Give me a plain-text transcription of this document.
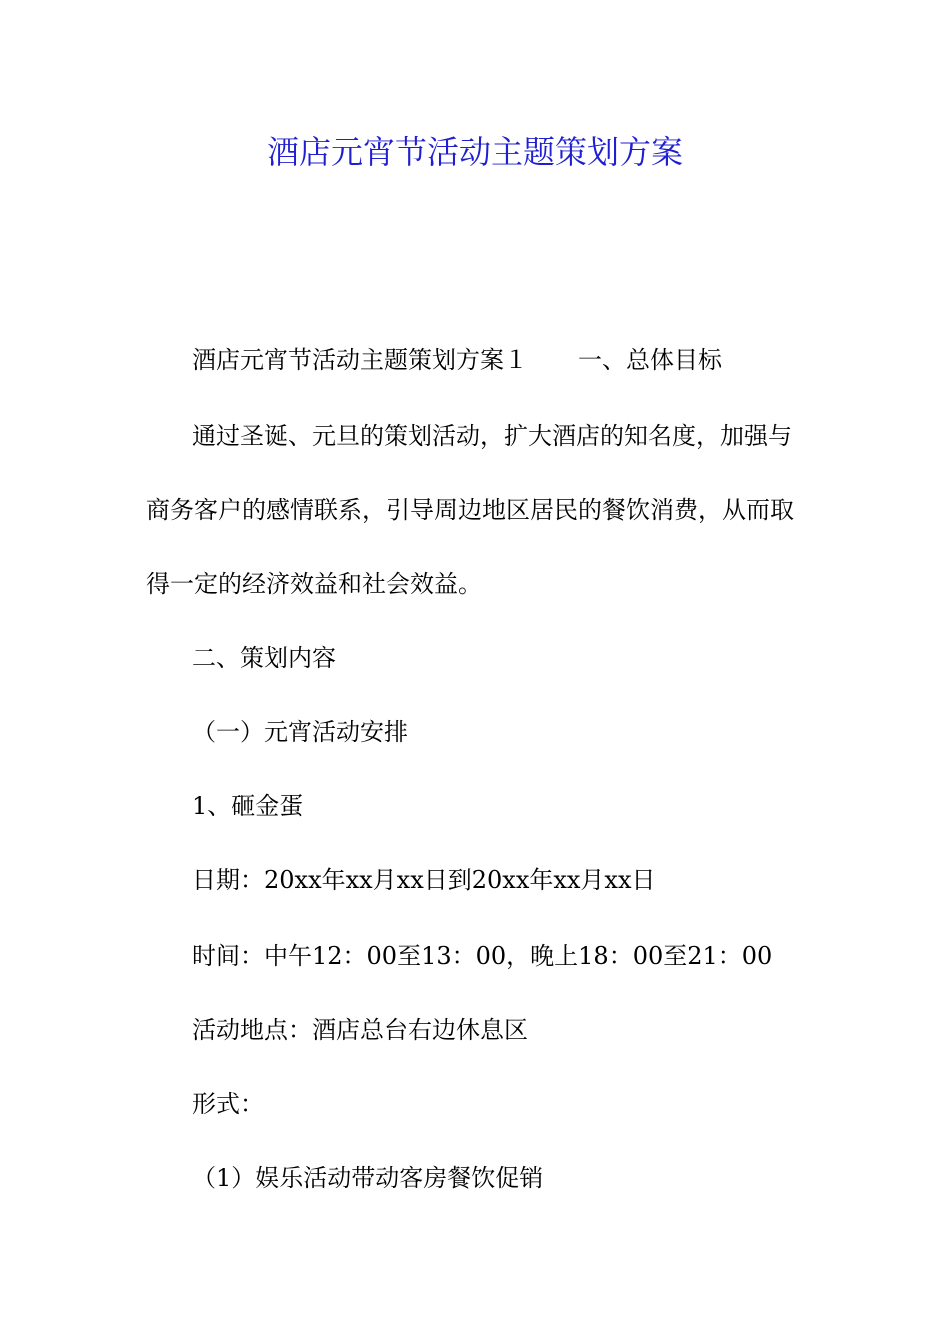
酒店元宵节活动主题策划方案
酒店元宵节活动主题策划方案１ 一、总体目标
通过圣诞、元旦的策划活动，扩大酒店的知名度，加强与
商务客户的感情联系，引导周边地区居民的餐饮消费，从而取
得一定的经济效益和社会效益。
二、策划内容
（一）元宵活动安排
1、砸金蛋
日期：20xx年xx月xx日到20xx年xx月xx日
时间：中午12：00至13：00，晚上18：00至21：00
活动地点：酒店总台右边休息区
形式：
（1）娱乐活动带动客房餐饮促销
